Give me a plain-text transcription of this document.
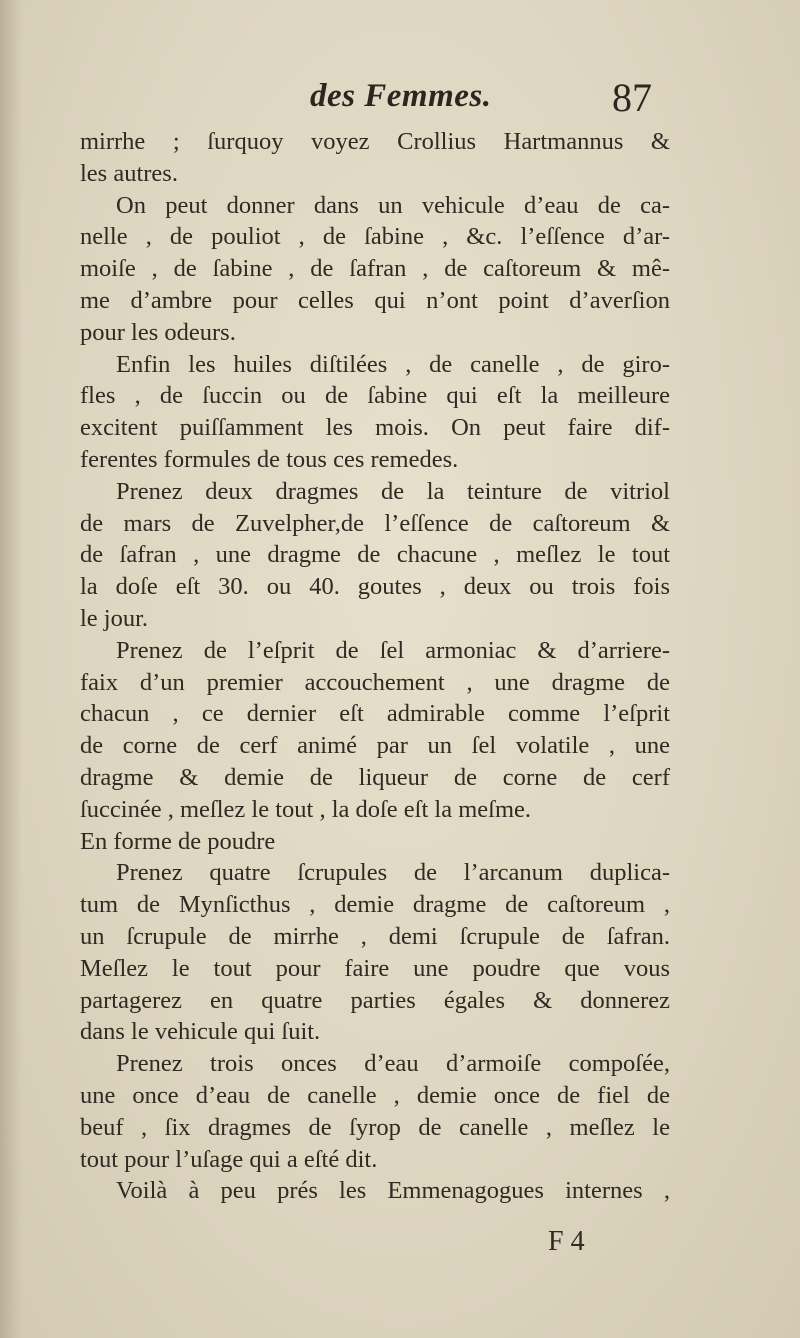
des Femmes.	87
mirrhe ; ſurquoy voyez Crollius Hartmannus &
les autres.
On peut donner dans un vehicule d’eau de ca-
nelle , de pouliot , de ſabine , &c. l’eſſence d’ar-
moiſe , de ſabine , de ſafran , de caſtoreum & mê-
me d’ambre pour celles qui n’ont point d’averſion
pour les odeurs.
Enfin les huiles diſtilées , de canelle , de giro-
fles , de ſuccin ou de ſabine qui eſt la meilleure
excitent puiſſamment les mois. On peut faire dif-
ferentes formules de tous ces remedes.
Prenez deux dragmes de la teinture de vitriol
de mars de Zuvelpher,de l’eſſence de caſtoreum &
de ſafran , une dragme de chacune , meſlez le tout
la doſe eſt 30. ou 40. goutes , deux ou trois fois
le jour.
Prenez de l’eſprit de ſel armoniac & d’arriere-
faix d’un premier accouchement , une dragme de
chacun , ce dernier eſt admirable comme l’eſprit
de corne de cerf animé par un ſel volatile , une
dragme & demie de liqueur de corne de cerf
ſuccinée , meſlez le tout , la doſe eſt la meſme.
En forme de poudre
Prenez quatre ſcrupules de l’arcanum duplica-
tum de Mynſicthus , demie dragme de caſtoreum ,
un ſcrupule de mirrhe , demi ſcrupule de ſafran.
Meſlez le tout pour faire une poudre que vous
partagerez en quatre parties égales & donnerez
dans le vehicule qui ſuit.
Prenez trois onces d’eau d’armoiſe compoſée,
une once d’eau de canelle , demie once de fiel de
beuf , ſix dragmes de ſyrop de canelle , meſlez le
tout pour l’uſage qui a eſté dit.
Voilà à peu prés les Emmenagogues internes ,
F 4
